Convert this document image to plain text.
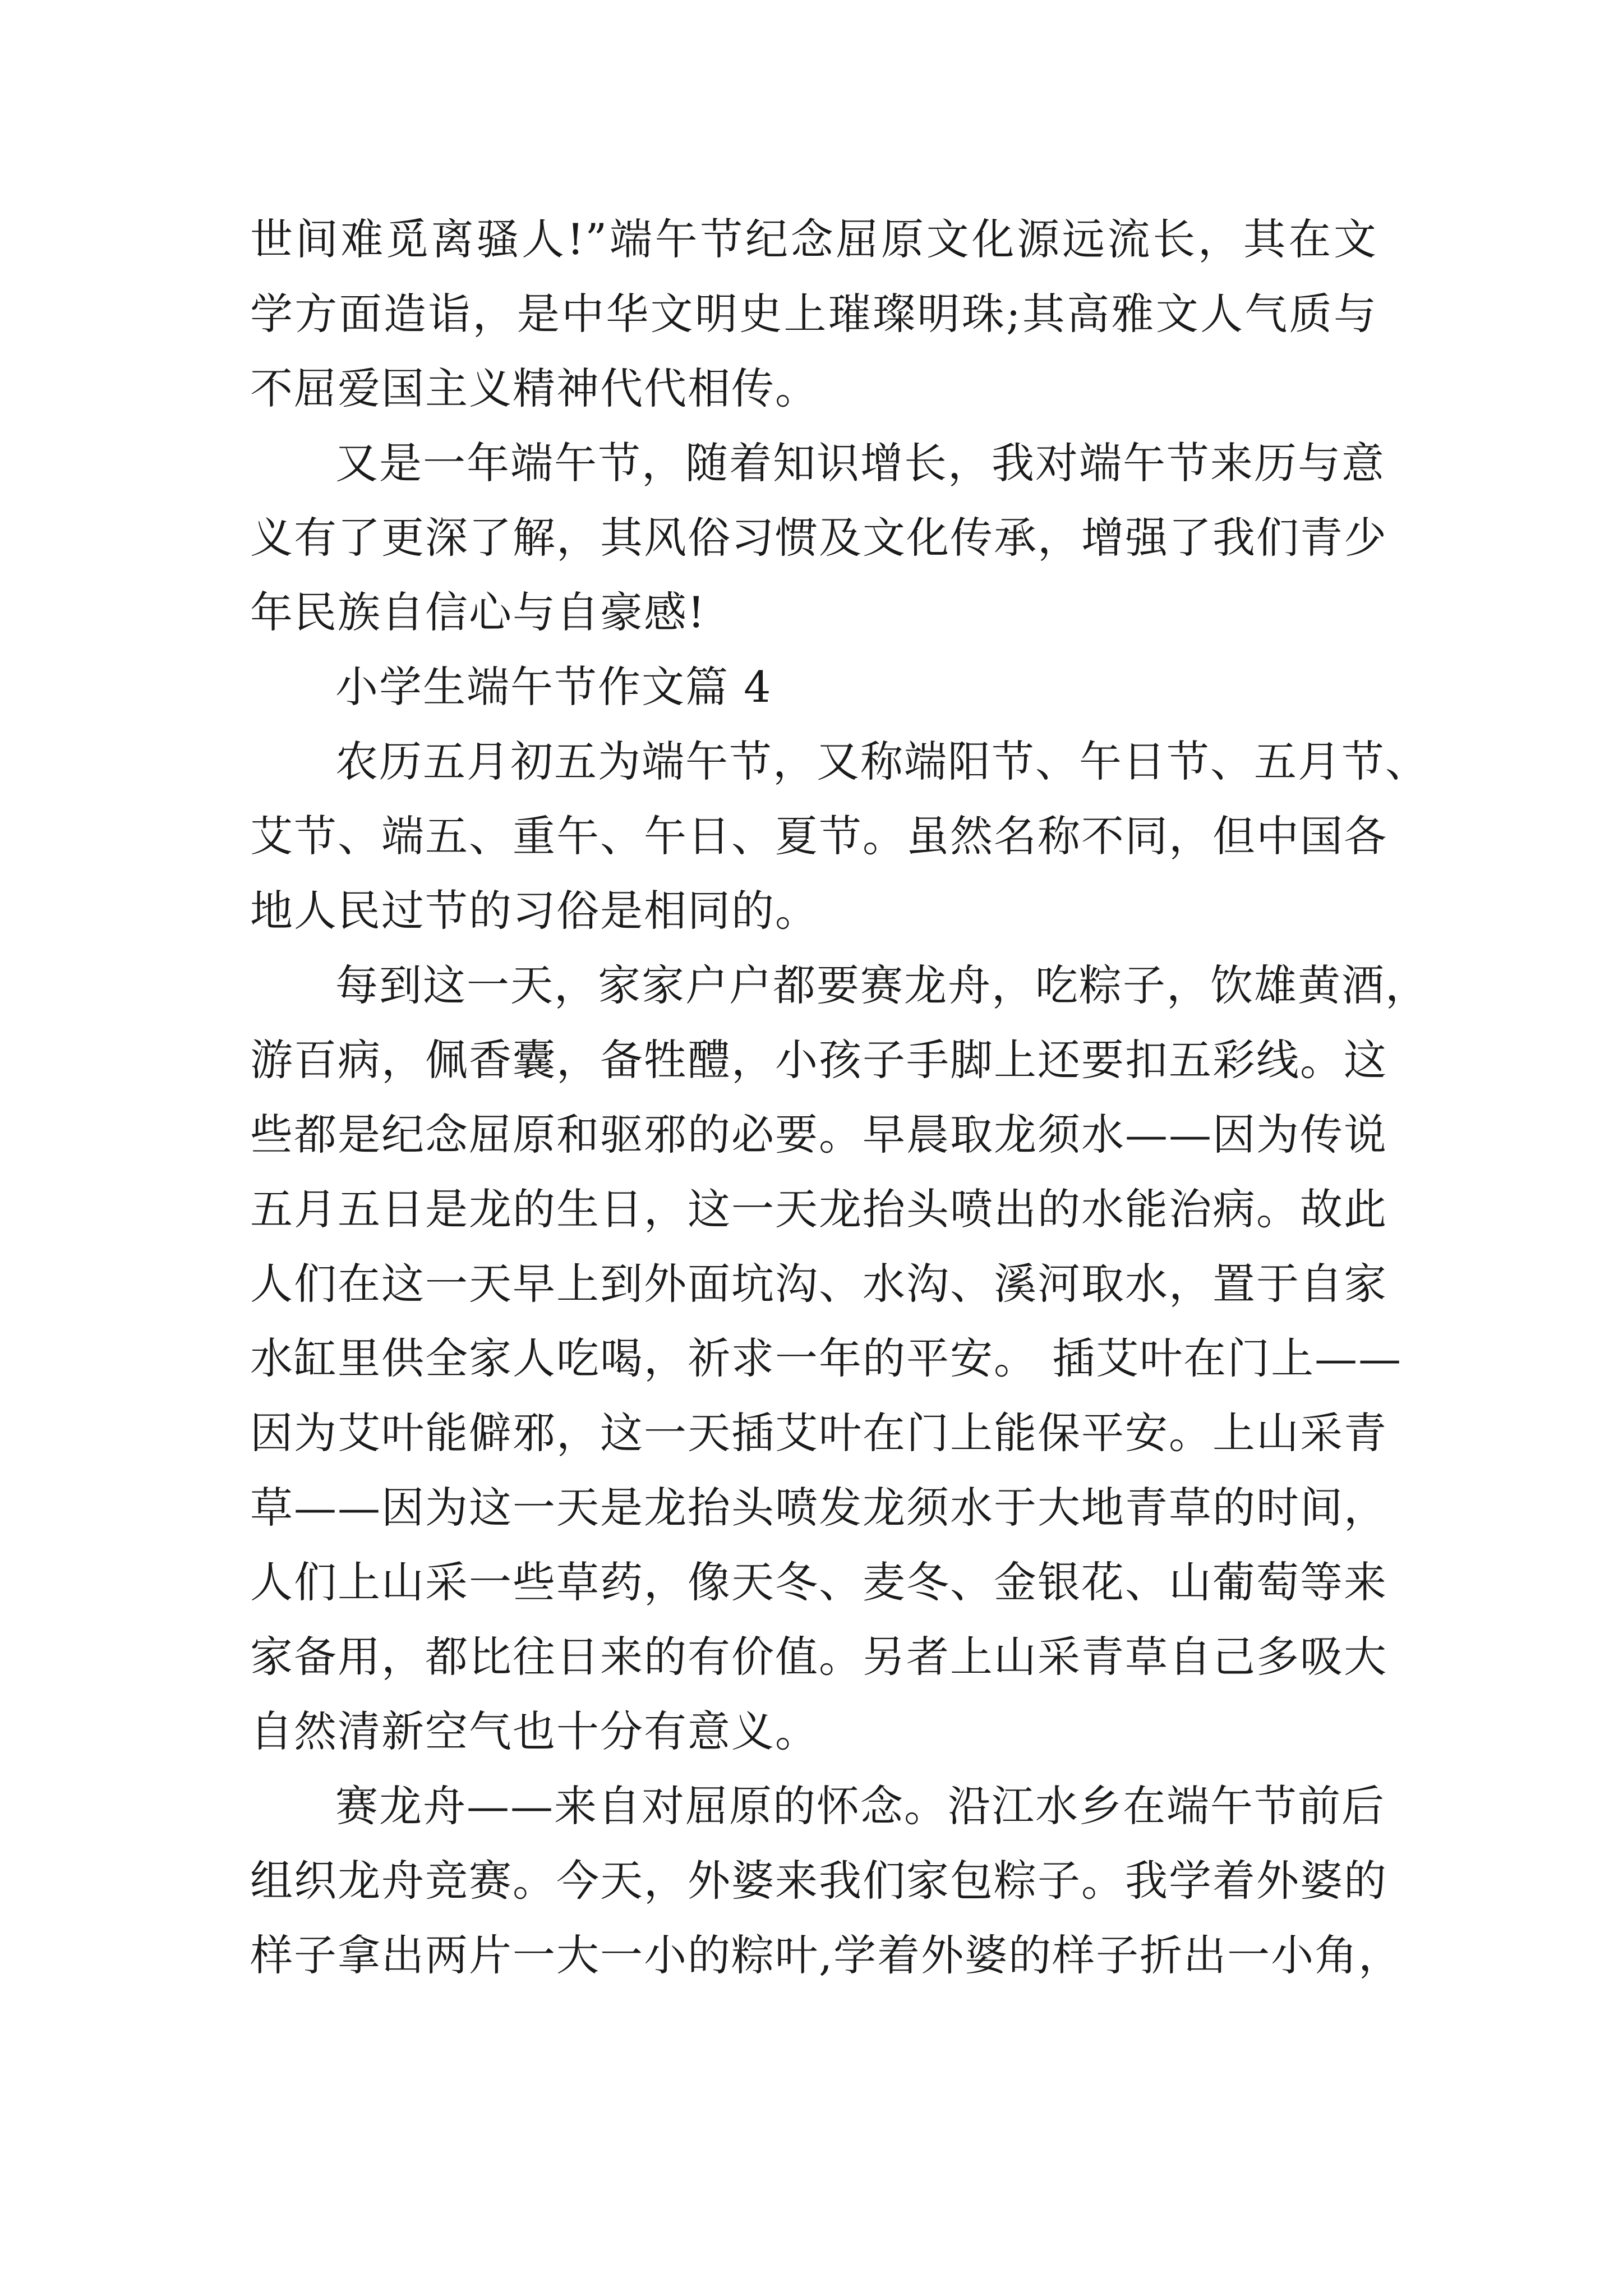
世间难觅离骚人!”端午节纪念屈原文化源远流长，其在文
学方面造诣，是中华文明史上璀璨明珠;其高雅文人气质与
不屈爱国主义精神代代相传。

又是一年端午节，随着知识增长，我对端午节来历与意
义有了更深了解，其风俗习惯及文化传承，增强了我们青少
年民族自信心与自豪感!

小学生端午节作文篇 4

农历五月初五为端午节，又称端阳节、午日节、五月节、
艾节、端五、重午、午日、夏节。虽然名称不同，但中国各
地人民过节的习俗是相同的。

每到这一天，家家户户都要赛龙舟，吃粽子，饮雄黄酒，
游百病，佩香囊，备牲醴，小孩子手脚上还要扣五彩线。这
些都是纪念屈原和驱邪的必要。早晨取龙须水——因为传说
五月五日是龙的生日，这一天龙抬头喷出的水能治病。故此
人们在这一天早上到外面坑沟、水沟、溪河取水，置于自家
水缸里供全家人吃喝，祈求一年的平安。 插艾叶在门上——
因为艾叶能僻邪，这一天插艾叶在门上能保平安。上山采青
草——因为这一天是龙抬头喷发龙须水于大地青草的时间，
人们上山采一些草药，像天冬、麦冬、金银花、山葡萄等来
家备用，都比往日来的有价值。另者上山采青草自己多吸大
自然清新空气也十分有意义。

赛龙舟——来自对屈原的怀念。沿江水乡在端午节前后
组织龙舟竞赛。今天，外婆来我们家包粽子。我学着外婆的
样子拿出两片一大一小的粽叶,学着外婆的样子折出一小角，
